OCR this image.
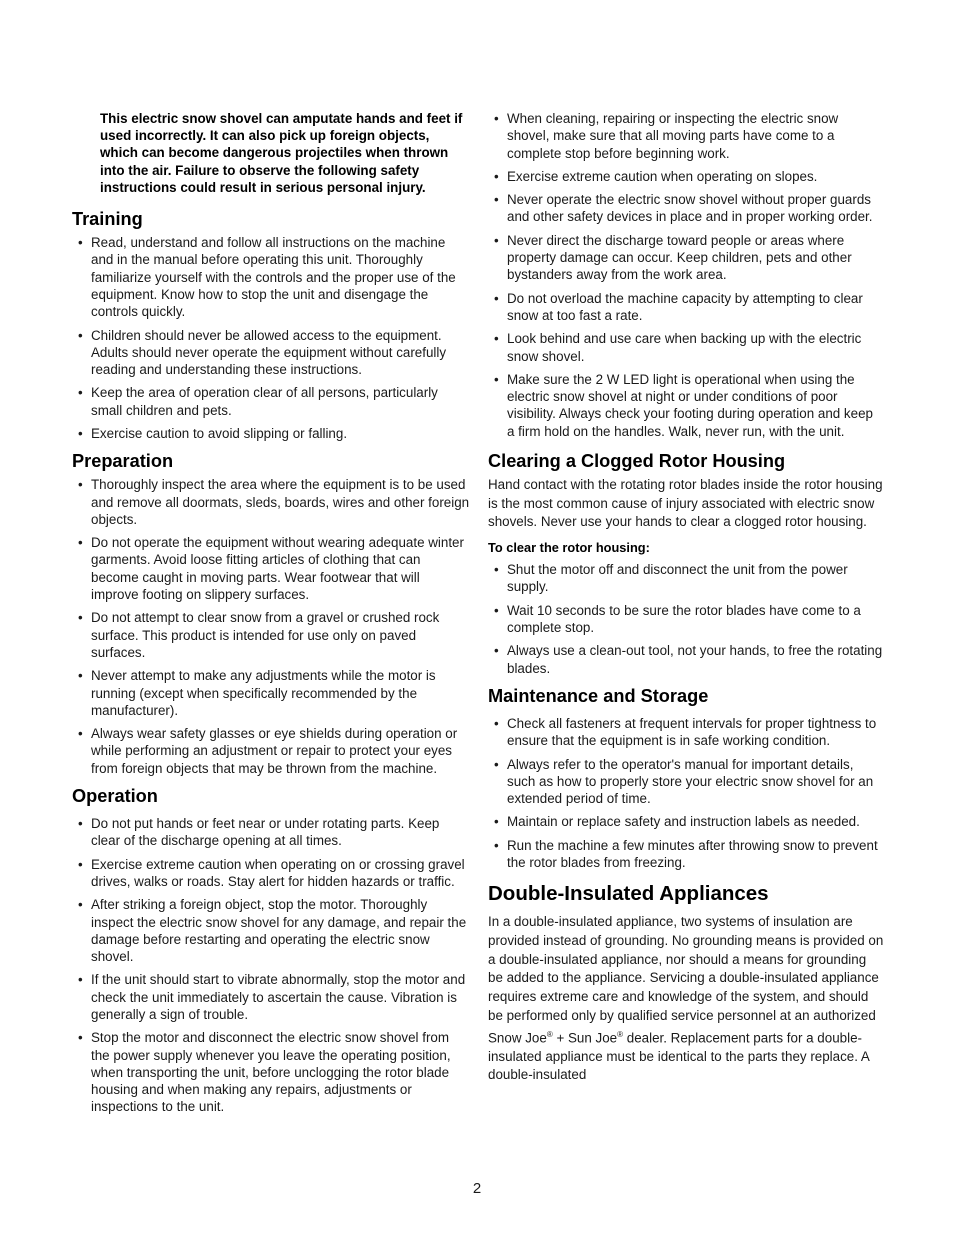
This electric snow shovel can amputate hands and feet if used incorrectly. It can also pick up foreign objects, which can become dangerous projectiles when thrown into the air. Failure to observe the following safety instructions could result in serious personal injury.
Training
• Read, understand and follow all instructions on the machine and in the manual before operating this unit. Thoroughly familiarize yourself with the controls and the proper use of the equipment. Know how to stop the unit and disengage the controls quickly.
• Children should never be allowed access to the equipment. Adults should never operate the equipment without carefully reading and understanding these instructions.
• Keep the area of operation clear of all persons, particularly small children and pets.
• Exercise caution to avoid slipping or falling.
Preparation
• Thoroughly inspect the area where the equipment is to be used and remove all doormats, sleds, boards, wires and other foreign objects.
• Do not operate the equipment without wearing adequate winter garments. Avoid loose fitting articles of clothing that can become caught in moving parts. Wear footwear that will improve footing on slippery surfaces.
• Do not attempt to clear snow from a gravel or crushed rock surface. This product is intended for use only on paved surfaces.
• Never attempt to make any adjustments while the motor is running (except when specifically recommended by the manufacturer).
• Always wear safety glasses or eye shields during operation or while performing an adjustment or repair to protect your eyes from foreign objects that may be thrown from the machine.
Operation
• Do not put hands or feet near or under rotating parts. Keep clear of the discharge opening at all times.
• Exercise extreme caution when operating on or crossing gravel drives, walks or roads. Stay alert for hidden hazards or traffic.
• After striking a foreign object, stop the motor. Thoroughly inspect the electric snow shovel for any damage, and repair the damage before restarting and operating the electric snow shovel.
• If the unit should start to vibrate abnormally, stop the motor and check the unit immediately to ascertain the cause. Vibration is generally a sign of trouble.
• Stop the motor and disconnect the electric snow shovel from the power supply whenever you leave the operating position, when transporting the unit, before unclogging the rotor blade housing and when making any repairs, adjustments or inspections to the unit.
• When cleaning, repairing or inspecting the electric snow shovel, make sure that all moving parts have come to a complete stop before beginning work.
• Exercise extreme caution when operating on slopes.
• Never operate the electric snow shovel without proper guards and other safety devices in place and in proper working order.
• Never direct the discharge toward people or areas where property damage can occur. Keep children, pets and other bystanders away from the work area.
• Do not overload the machine capacity by attempting to clear snow at too fast a rate.
• Look behind and use care when backing up with the electric snow shovel.
• Make sure the 2 W LED light is operational when using the electric snow shovel at night or under conditions of poor visibility. Always check your footing during operation and keep a firm hold on the handles. Walk, never run, with the unit.
Clearing a Clogged Rotor Housing

Hand contact with the rotating rotor blades inside the rotor housing is the most common cause of injury associated with electric snow shovels. Never use your hands to clear a clogged rotor housing.

To clear the rotor housing:
• Shut the motor off and disconnect the unit from the power supply.
• Wait 10 seconds to be sure the rotor blades have come to a complete stop.
• Always use a clean-out tool, not your hands, to free the rotating blades.
Maintenance and Storage
• Check all fasteners at frequent intervals for proper tightness to ensure that the equipment is in safe working condition.
• Always refer to the operator's manual for important details, such as how to properly store your electric snow shovel for an extended period of time.
• Maintain or replace safety and instruction labels as needed.
• Run the machine a few minutes after throwing snow to prevent the rotor blades from freezing.
Double-Insulated Appliances

In a double-insulated appliance, two systems of insulation are provided instead of grounding. No grounding means is provided on a double-insulated appliance, nor should a means for grounding be added to the appliance. Servicing a double-insulated appliance requires extreme care and knowledge of the system, and should be performed only by qualified service personnel at an authorized Snow Joe® + Sun Joe® dealer. Replacement parts for a double-insulated appliance must be identical to the parts they replace. A double-insulated

2
